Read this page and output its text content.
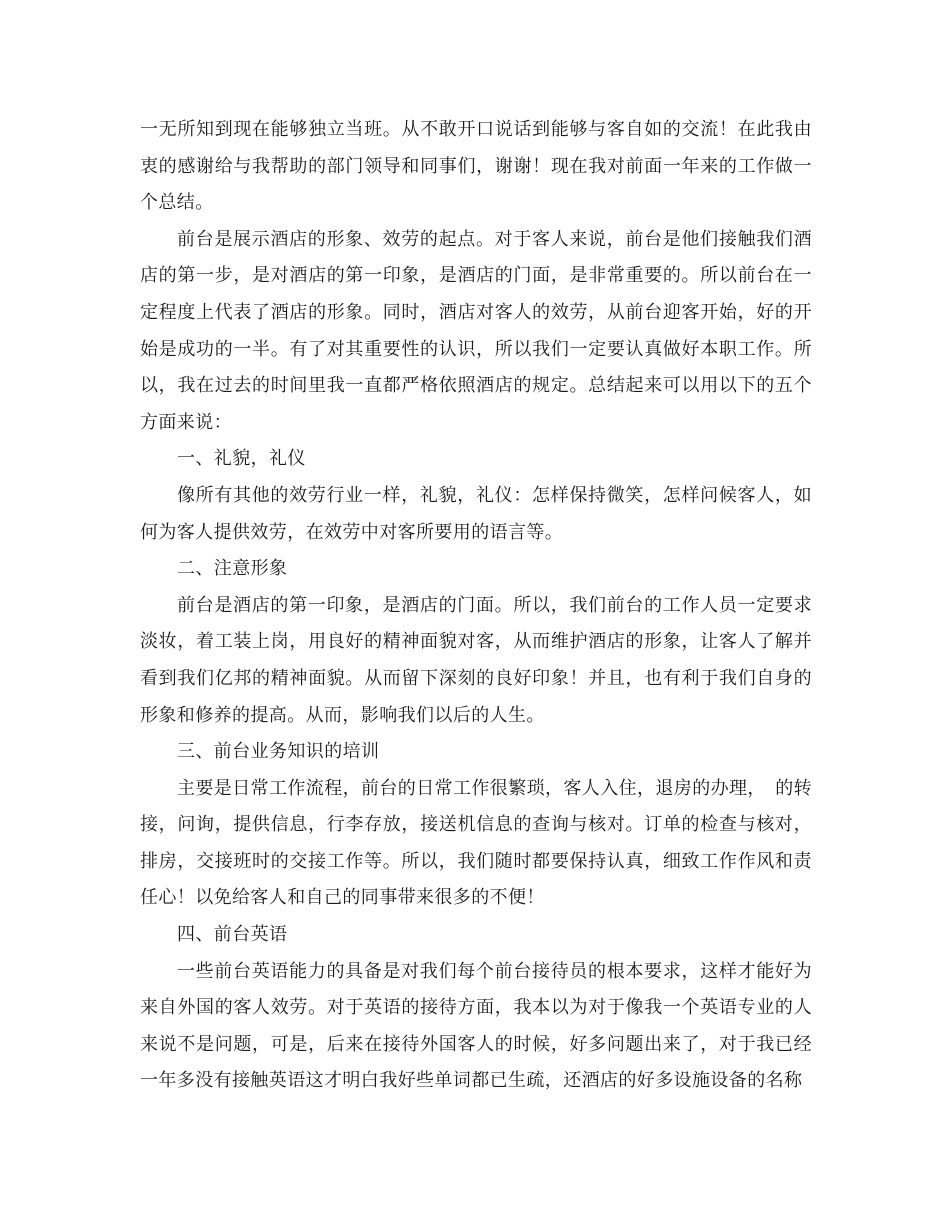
一无所知到现在能够独立当班。从不敢开口说话到能够与客自如的交流！在此我由衷的感谢给与我帮助的部门领导和同事们，谢谢！现在我对前面一年来的工作做一个总结。

前台是展示酒店的形象、效劳的起点。对于客人来说，前台是他们接触我们酒店的第一步，是对酒店的第一印象，是酒店的门面，是非常重要的。所以前台在一定程度上代表了酒店的形象。同时，酒店对客人的效劳，从前台迎客开始，好的开始是成功的一半。有了对其重要性的认识，所以我们一定要认真做好本职工作。所以，我在过去的时间里我一直都严格依照酒店的规定。总结起来可以用以下的五个方面来说：

一、礼貌，礼仪

像所有其他的效劳行业一样，礼貌，礼仪：怎样保持微笑，怎样问候客人，如何为客人提供效劳，在效劳中对客所要用的语言等。

二、注意形象

前台是酒店的第一印象，是酒店的门面。所以，我们前台的工作人员一定要求淡妆，着工装上岗，用良好的精神面貌对客，从而维护酒店的形象，让客人了解并看到我们亿邦的精神面貌。从而留下深刻的良好印象！并且，也有利于我们自身的形象和修养的提高。从而，影响我们以后的人生。

三、前台业务知识的培训

主要是日常工作流程，前台的日常工作很繁琐，客人入住，退房的办理，　的转接，问询，提供信息，行李存放，接送机信息的查询与核对。订单的检查与核对，排房，交接班时的交接工作等。所以，我们随时都要保持认真，细致工作作风和责任心！以免给客人和自己的同事带来很多的不便！

四、前台英语

一些前台英语能力的具备是对我们每个前台接待员的根本要求，这样才能好为来自外国的客人效劳。对于英语的接待方面，我本以为对于像我一个英语专业的人来说不是问题，可是，后来在接待外国客人的时候，好多问题出来了，对于我已经一年多没有接触英语这才明白我好些单词都已生疏，还酒店的好多设施设备的名称
